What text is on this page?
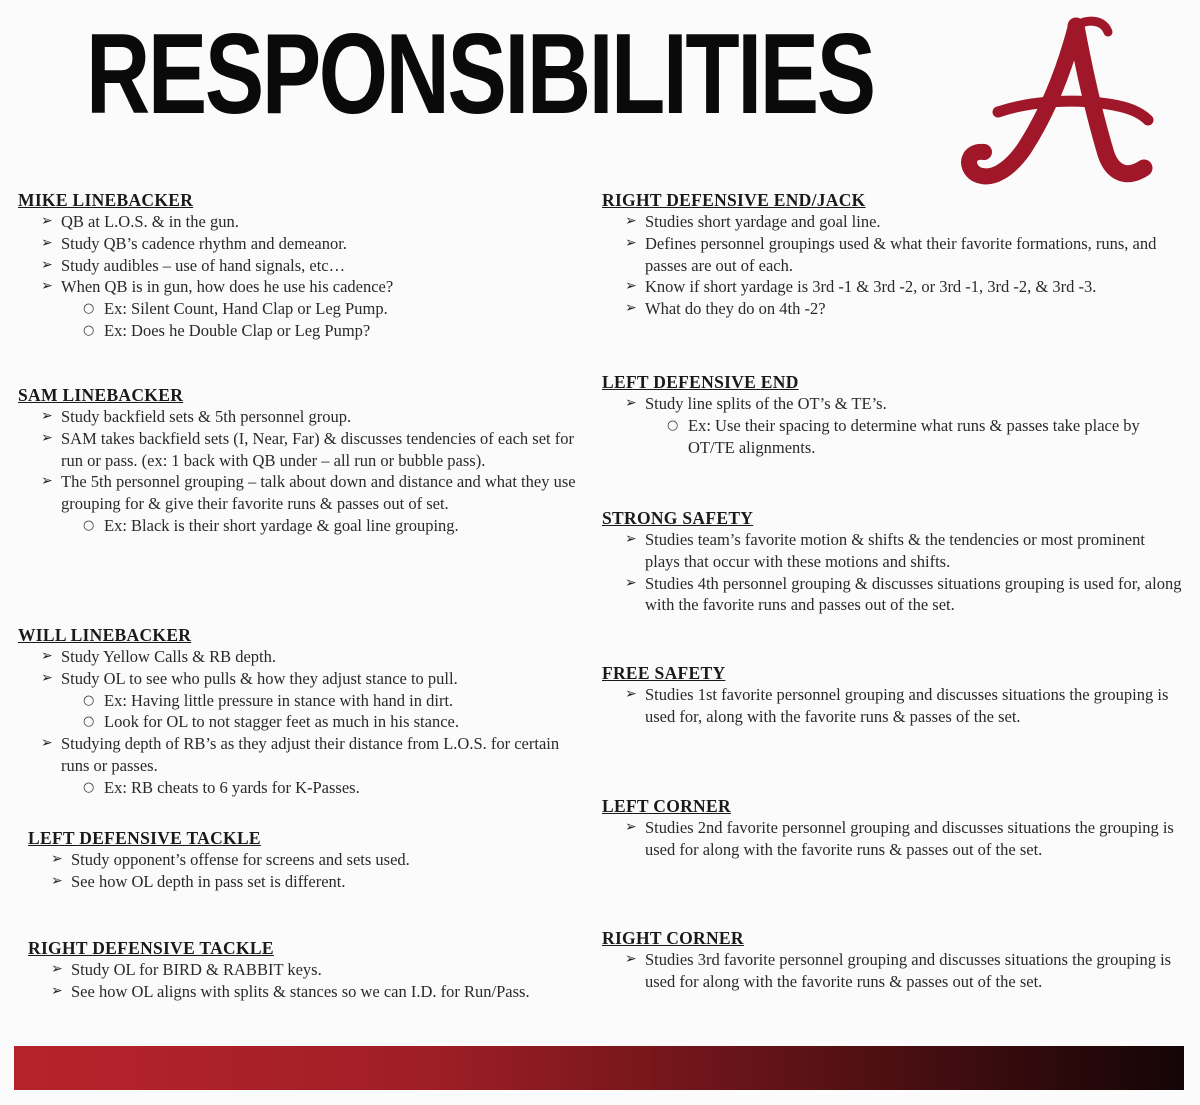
RESPONSIBILITIES
MIKE LINEBACKER
➢ QB at L.O.S. & in the gun.
➢ Study QB’s cadence rhythm and demeanor.
➢ Study audibles – use of hand signals, etc…
➢ When QB is in gun, how does he use his cadence?
○ Ex: Silent Count, Hand Clap or Leg Pump.
○ Ex: Does he Double Clap or Leg Pump?
SAM LINEBACKER
➢ Study backfield sets & 5th personnel group.
➢ SAM takes backfield sets (I, Near, Far) & discusses tendencies of each set for run or pass. (ex: 1 back with QB under – all run or bubble pass).
➢ The 5th personnel grouping – talk about down and distance and what they use grouping for & give their favorite runs & passes out of set.
○ Ex: Black is their short yardage & goal line grouping.
WILL LINEBACKER
➢ Study Yellow Calls & RB depth.
➢ Study OL to see who pulls & how they adjust stance to pull.
○ Ex: Having little pressure in stance with hand in dirt.
○ Look for OL to not stagger feet as much in his stance.
➢ Studying depth of RB’s as they adjust their distance from L.O.S. for certain runs or passes.
○ Ex: RB cheats to 6 yards for K-Passes.
LEFT DEFENSIVE TACKLE
➢ Study opponent’s offense for screens and sets used.
➢ See how OL depth in pass set is different.
RIGHT DEFENSIVE TACKLE
➢ Study OL for BIRD & RABBIT keys.
➢ See how OL aligns with splits & stances so we can I.D. for Run/Pass.
RIGHT DEFENSIVE END/JACK
➢ Studies short yardage and goal line.
➢ Defines personnel groupings used & what their favorite formations, runs, and passes are out of each.
➢ Know if short yardage is 3rd -1 & 3rd -2, or 3rd -1, 3rd -2, & 3rd -3.
➢ What do they do on 4th -2?
LEFT DEFENSIVE END
➢ Study line splits of the OT’s & TE’s.
○ Ex: Use their spacing to determine what runs & passes take place by OT/TE alignments.
STRONG SAFETY
➢ Studies team’s favorite motion & shifts & the tendencies or most prominent plays that occur with these motions and shifts.
➢ Studies 4th personnel grouping & discusses situations grouping is used for, along with the favorite runs and passes out of the set.
FREE SAFETY
➢ Studies 1st favorite personnel grouping and discusses situations the grouping is used for, along with the favorite runs & passes of the set.
LEFT CORNER
➢ Studies 2nd favorite personnel grouping and discusses situations the grouping is used for along with the favorite runs & passes out of the set.
RIGHT CORNER
➢ Studies 3rd favorite personnel grouping and discusses situations the grouping is used for along with the favorite runs & passes out of the set.
